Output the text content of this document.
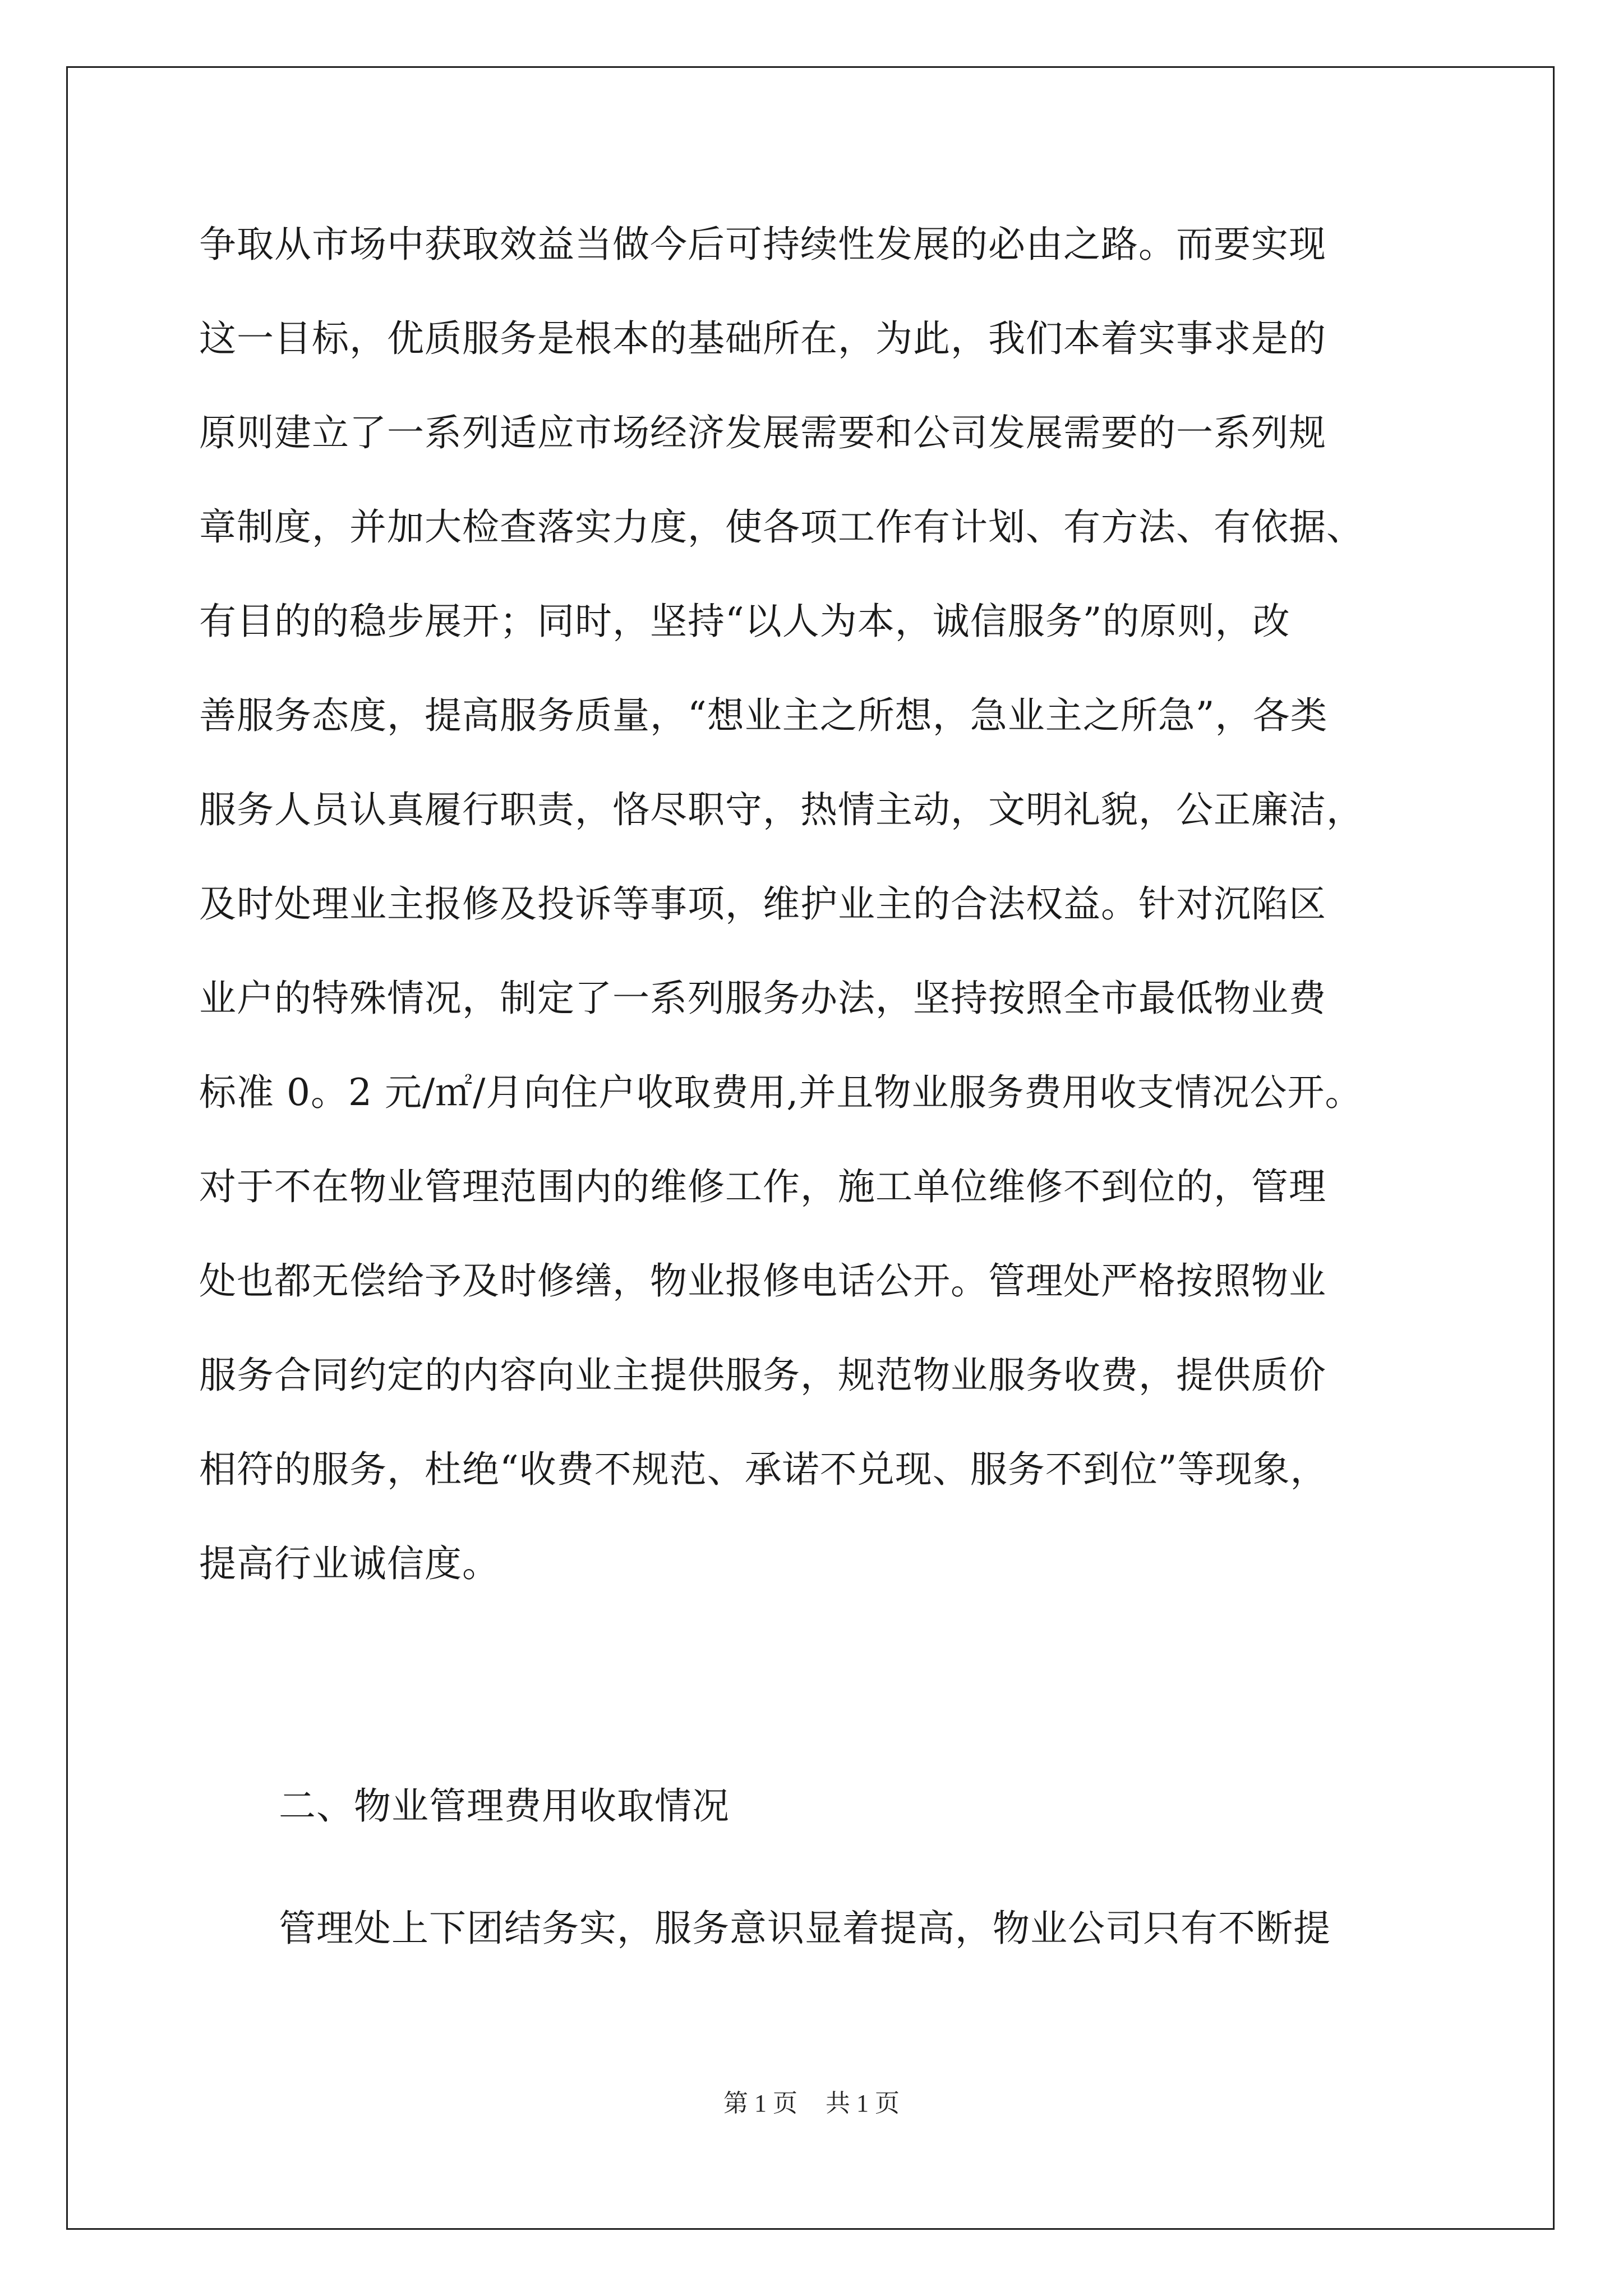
争取从市场中获取效益当做今后可持续性发展的必由之路。而要实现
这一目标，优质服务是根本的基础所在，为此，我们本着实事求是的
原则建立了一系列适应市场经济发展需要和公司发展需要的一系列规
章制度，并加大检查落实力度，使各项工作有计划、有方法、有依据、
有目的的稳步展开；同时，坚持“以人为本，诚信服务”的原则，改
善服务态度，提高服务质量，“想业主之所想，急业主之所急”，各类
服务人员认真履行职责，恪尽职守，热情主动，文明礼貌，公正廉洁，
及时处理业主报修及投诉等事项，维护业主的合法权益。针对沉陷区
业户的特殊情况，制定了一系列服务办法，坚持按照全市最低物业费
标准 0。2 元/㎡/月向住户收取费用,并且物业服务费用收支情况公开。
对于不在物业管理范围内的维修工作，施工单位维修不到位的，管理
处也都无偿给予及时修缮，物业报修电话公开。管理处严格按照物业
服务合同约定的内容向业主提供服务，规范物业服务收费，提供质价
相符的服务，杜绝“收费不规范、承诺不兑现、服务不到位”等现象，
提高行业诚信度。
二、物业管理费用收取情况
管理处上下团结务实，服务意识显着提高，物业公司只有不断提
第 1 页 共 1 页
